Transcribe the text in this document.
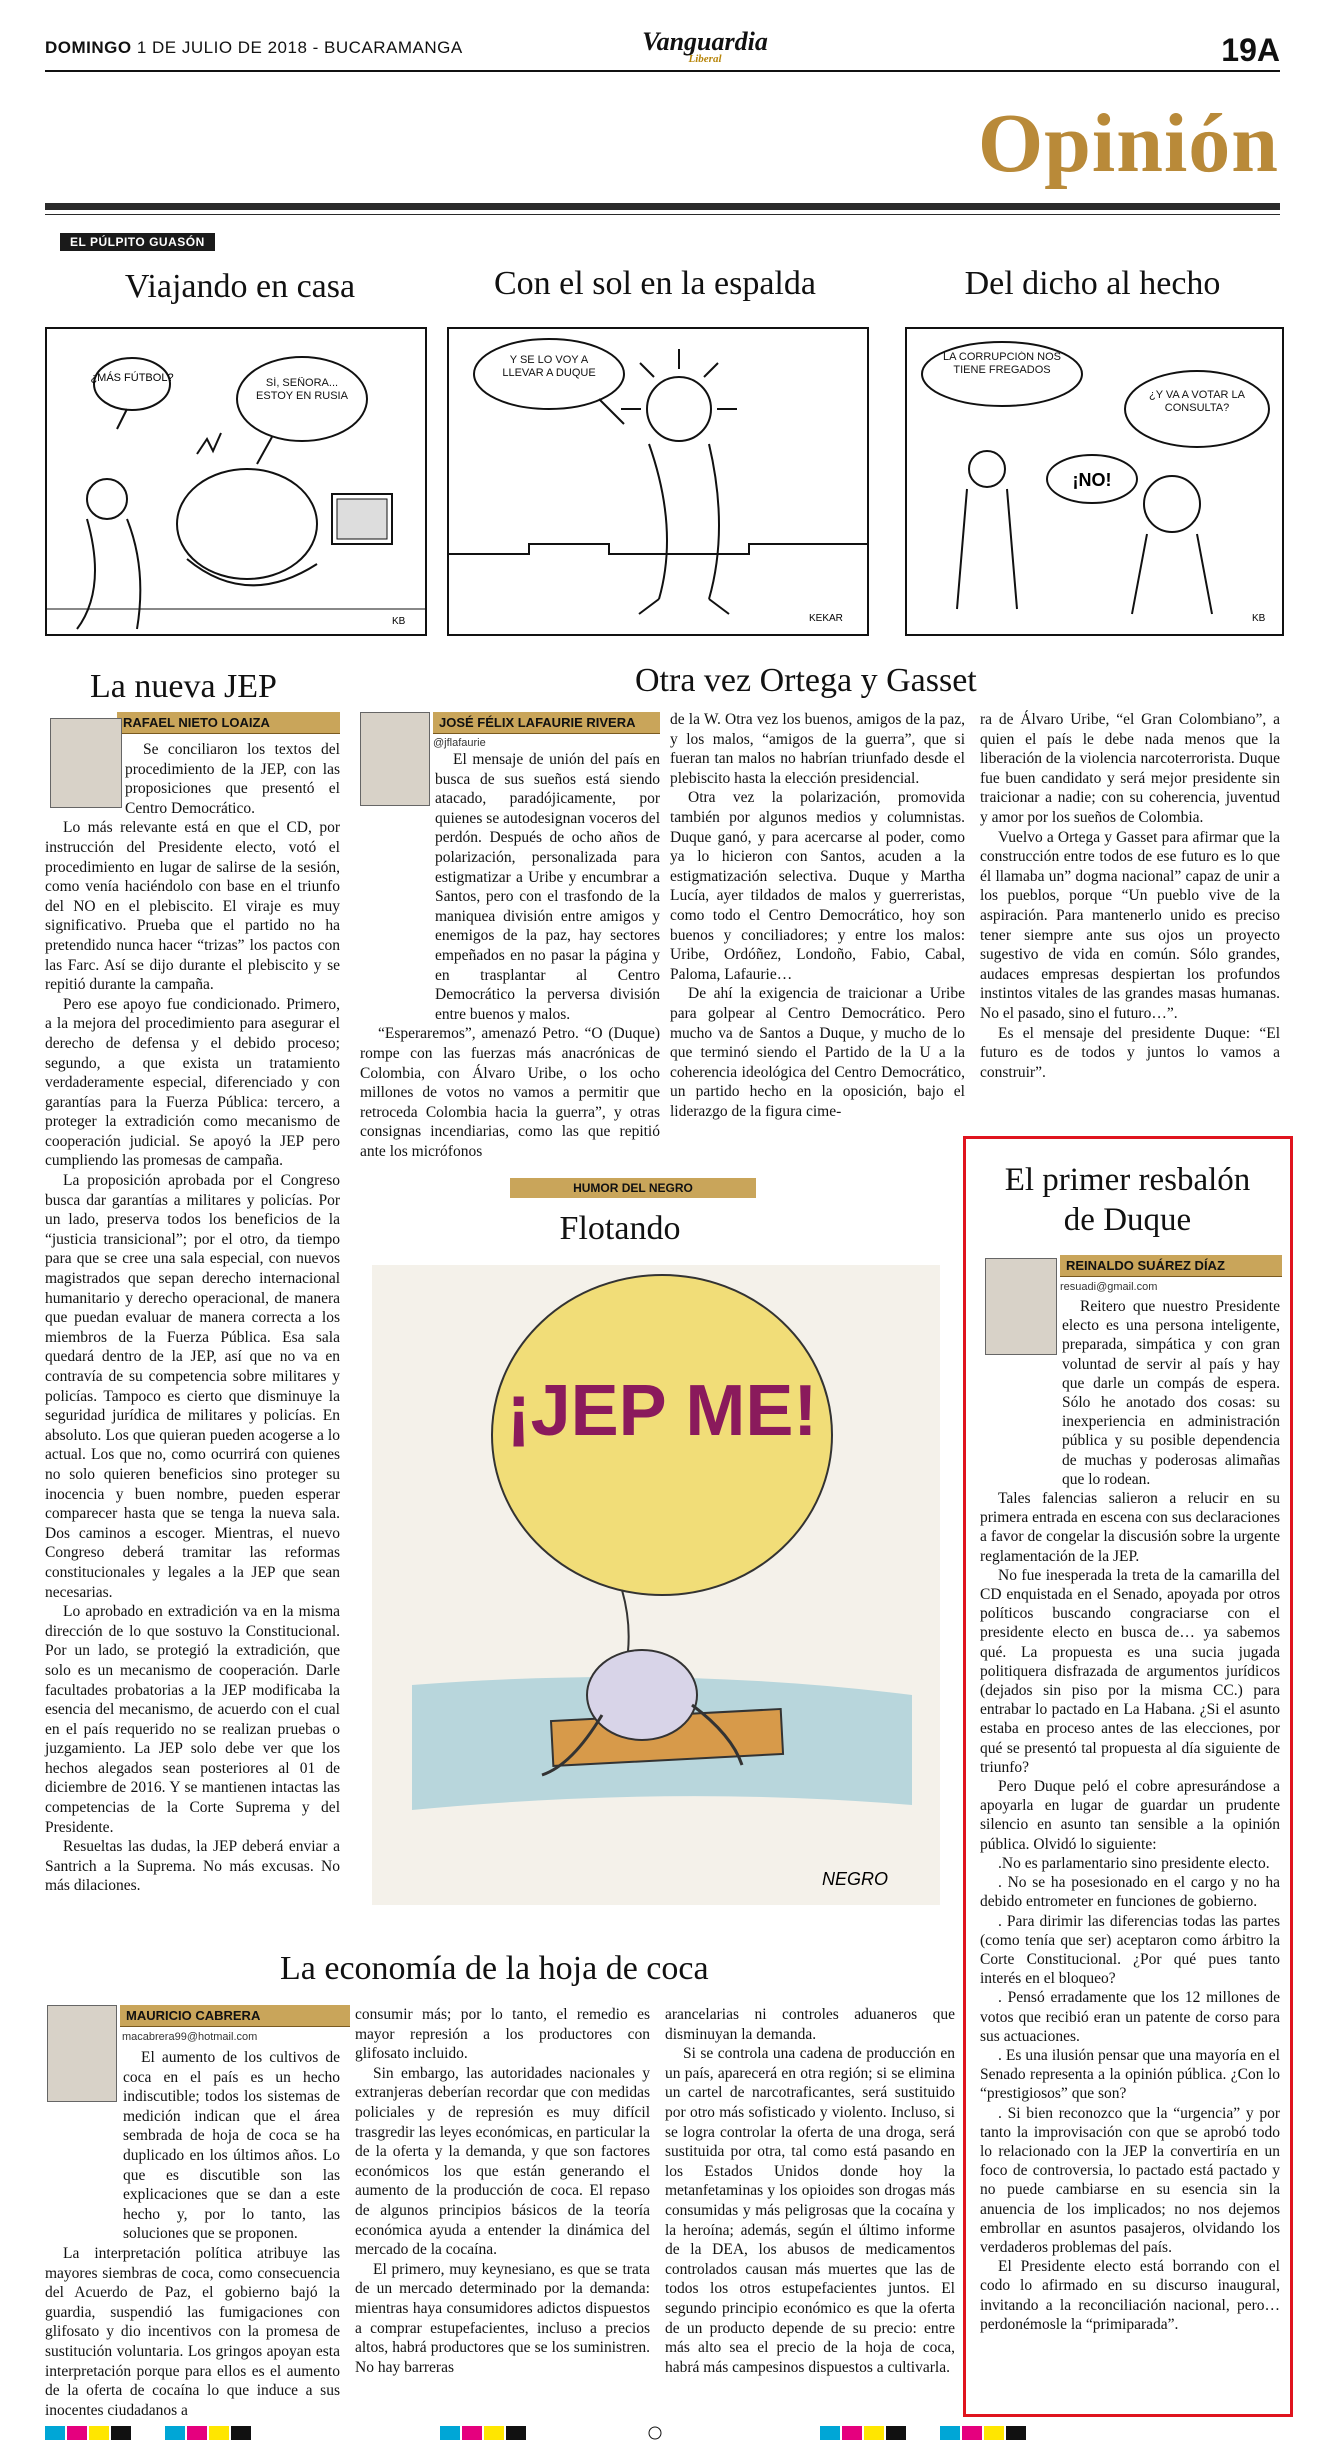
DOMINGO 1 DE JULIO DE 2018 - BUCARAMANGA	Vanguardia
Liberal	19A
Opinión
EL PÚLPITO GUASÓN
Viajando en casa	Con el sol en la espalda	Del dicho al hecho
¿MÁS FÚTBOL?	SÍ, SEÑORA... ESTOY EN RUSIA
KB
Y SE LO VOY A LLEVAR A DUQUE
KEKAR
LA CORRUPCIÓN NOS TIENE FREGADOS
¿Y VA A VOTAR LA CONSULTA?
¡NO!
KB
La nueva JEP
RAFAEL NIETO LOAIZA

Se conciliaron los textos del procedimiento de la JEP, con las proposiciones que presentó el Centro Democrático.

Lo más relevante está en que el CD, por instrucción del Presidente electo, votó el procedimiento en lugar de salirse de la sesión, como venía haciéndolo con base en el triunfo del NO en el plebiscito. El viraje es muy significativo. Prueba que el partido no ha pretendido nunca hacer “trizas” los pactos con las Farc. Así se dijo durante el plebiscito y se repitió durante la campaña.

Pero ese apoyo fue condicionado. Primero, a la mejora del procedimiento para asegurar el derecho de defensa y el debido proceso; segundo, a que exista un tratamiento verdaderamente especial, diferenciado y con garantías para la Fuerza Pública: tercero, a proteger la extradición como mecanismo de cooperación judicial. Se apoyó la JEP pero cumpliendo las promesas de campaña.

La proposición aprobada por el Congreso busca dar garantías a militares y policías. Por un lado, preserva todos los beneficios de la “justicia transicional”; por el otro, da tiempo para que se cree una sala especial, con nuevos magistrados que sepan derecho internacional humanitario y derecho operacional, de manera que puedan evaluar de manera correcta a los miembros de la Fuerza Pública. Esa sala quedará dentro de la JEP, así que no va en contravía de su competencia sobre militares y policías. Tampoco es cierto que disminuye la seguridad jurídica de militares y policías. En absoluto. Los que quieran pueden acogerse a lo actual. Los que no, como ocurrirá con quienes no solo quieren beneficios sino proteger su inocencia y buen nombre, pueden esperar comparecer hasta que se tenga la nueva sala. Dos caminos a escoger. Mientras, el nuevo Congreso deberá tramitar las reformas constitucionales y legales a la JEP que sean necesarias.

Lo aprobado en extradición va en la misma dirección de lo que sostuvo la Constitucional. Por un lado, se protegió la extradición, que solo es un mecanismo de cooperación. Darle facultades probatorias a la JEP modificaba la esencia del mecanismo, de acuerdo con el cual en el país requerido no se realizan pruebas o juzgamiento. La JEP solo debe ver que los hechos alegados sean posteriores al 01 de diciembre de 2016. Y se mantienen intactas las competencias de la Corte Suprema y del Presidente.

Resueltas las dudas, la JEP deberá enviar a Santrich a la Suprema. No más excusas. No más dilaciones.

Otra vez Ortega y Gasset
JOSÉ FÉLIX LAFAURIE RIVERA
@jflafaurie

El mensaje de unión del país en busca de sus sueños está siendo atacado, paradójicamente, por quienes se autodesignan voceros del perdón. Después de ocho años de polarización, personalizada para estigmatizar a Uribe y encumbrar a Santos, pero con el trasfondo de la maniquea división entre amigos y enemigos de la paz, hay sectores empeñados en no pasar la página y en trasplantar al Centro Democrático la perversa división entre buenos y malos.

“Esperaremos”, amenazó Petro. “O (Duque) rompe con las fuerzas más anacrónicas de Colombia, con Álvaro Uribe, o los ocho millones de votos no vamos a permitir que retroceda Colombia hacia la guerra”, y otras consignas incendiarias, como las que repitió ante los micrófonos

de la W. Otra vez los buenos, amigos de la paz, y los malos, “amigos de la guerra”, que si fueran tan malos no habrían triunfado desde el plebiscito hasta la elección presidencial.

Otra vez la polarización, promovida también por algunos medios y columnistas. Duque ganó, y para acercarse al poder, como ya lo hicieron con Santos, acuden a la estigmatización selectiva. Duque y Martha Lucía, ayer tildados de malos y guerreristas, como todo el Centro Democrático, hoy son buenos y conciliadores; y entre los malos: Uribe, Ordóñez, Londoño, Fabio, Cabal, Paloma, Lafaurie…

De ahí la exigencia de traicionar a Uribe para golpear al Centro Democrático. Pero mucho va de Santos a Duque, y mucho de lo que terminó siendo el Partido de la U a la coherencia ideológica del Centro Democrático, un partido hecho en la oposición, bajo el liderazgo de la figura cime-

ra de Álvaro Uribe, “el Gran Colombiano”, a quien el país le debe nada menos que la liberación de la violencia narcoterrorista. Duque fue buen candidato y será mejor presidente sin traicionar a nadie; con su coherencia, juventud y amor por los sueños de Colombia.

Vuelvo a Ortega y Gasset para afirmar que la construcción entre todos de ese futuro es lo que él llamaba un” dogma nacional” capaz de unir a los pueblos, porque “Un pueblo vive de la aspiración. Para mantenerlo unido es preciso tener siempre ante sus ojos un proyecto sugestivo de vida en común. Sólo grandes, audaces empresas despiertan los profundos instintos vitales de las grandes masas humanas. No el pasado, sino el futuro…”.

Es el mensaje del presidente Duque: “El futuro es de todos y juntos lo vamos a construir”.

HUMOR DEL NEGRO
Flotando
¡JEP ME!
NEGRO
El primer resbalón
de Duque
REINALDO SUÁREZ DÍAZ
resuadi@gmail.com

Reitero que nuestro Presidente electo es una persona inteligente, preparada, simpática y con gran voluntad de servir al país y hay que darle un compás de espera. Sólo he anotado dos cosas: su inexperiencia en administración pública y su posible dependencia de muchas y poderosas alimañas que lo rodean.

Tales falencias salieron a relucir en su primera entrada en escena con sus declaraciones a favor de congelar la discusión sobre la urgente reglamentación de la JEP.

No fue inesperada la treta de la camarilla del CD enquistada en el Senado, apoyada por otros políticos buscando congraciarse con el presidente electo en busca de… ya sabemos qué. La propuesta es una sucia jugada politiquera disfrazada de argumentos jurídicos (dejados sin piso por la misma CC.) para entrabar lo pactado en La Habana. ¿Si el asunto estaba en proceso antes de las elecciones, por qué se presentó tal propuesta al día siguiente de triunfo?

Pero Duque peló el cobre apresurándose a apoyarla en lugar de guardar un prudente silencio en asunto tan sensible a la opinión pública. Olvidó lo siguiente:

.No es parlamentario sino presidente electo.

. No se ha posesionado en el cargo y no ha debido entrometer en funciones de gobierno.

. Para dirimir las diferencias todas las partes (como tenía que ser) aceptaron como árbitro la Corte Constitucional. ¿Por qué pues tanto interés en el bloqueo?

. Pensó erradamente que los 12 millones de votos que recibió eran un patente de corso para sus actuaciones.

. Es una ilusión pensar que una mayoría en el Senado representa a la opinión pública. ¿Con lo “prestigiosos” que son?

. Si bien reconozco que la “urgencia” y por tanto la improvisación con que se aprobó todo lo relacionado con la JEP la convertiría en un foco de controversia, lo pactado está pactado y no puede cambiarse en su esencia sin la anuencia de los implicados; no nos dejemos embrollar en asuntos pasajeros, olvidando los verdaderos problemas del país.

El Presidente electo está borrando con el codo lo afirmado en su discurso inaugural, invitando a la reconciliación nacional, pero… perdonémosle la “primiparada”.

La economía de la hoja de coca
MAURICIO CABRERA
macabrera99@hotmail.com

El aumento de los cultivos de coca en el país es un hecho indiscutible; todos los sistemas de medición indican que el área sembrada de hoja de coca se ha duplicado en los últimos años. Lo que es discutible son las explicaciones que se dan a este hecho y, por lo tanto, las soluciones que se proponen.

La interpretación política atribuye las mayores siembras de coca, como consecuencia del Acuerdo de Paz, el gobierno bajó la guardia, suspendió las fumigaciones con glifosato y dio incentivos con la promesa de sustitución voluntaria. Los gringos apoyan esta interpretación porque para ellos es el aumento de la oferta de cocaína lo que induce a sus inocentes ciudadanos a

consumir más; por lo tanto, el remedio es mayor represión a los productores con glifosato incluido.

Sin embargo, las autoridades nacionales y extranjeras deberían recordar que con medidas policiales y de represión es muy difícil trasgredir las leyes económicas, en particular la de la oferta y la demanda, y que son factores económicos los que están generando el aumento de la producción de coca. El repaso de algunos principios básicos de la teoría económica ayuda a entender la dinámica del mercado de la cocaína.

El primero, muy keynesiano, es que se trata de un mercado determinado por la demanda: mientras haya consumidores adictos dispuestos a comprar estupefacientes, incluso a precios altos, habrá productores que se los suministren. No hay barreras

arancelarias ni controles aduaneros que disminuyan la demanda.

Si se controla una cadena de producción en un país, aparecerá en otra región; si se elimina un cartel de narcotraficantes, será sustituido por otro más sofisticado y violento. Incluso, si se logra controlar la oferta de una droga, será sustituida por otra, tal como está pasando en los Estados Unidos donde hoy la metanfetaminas y los opioides son drogas más consumidas y más peligrosas que la cocaína y la heroína; además, según el último informe de la DEA, los abusos de medicamentos controlados causan más muertes que las de todos los otros estupefacientes juntos. El segundo principio económico es que la oferta de un producto depende de su precio: entre más alto sea el precio de la hoja de coca, habrá más campesinos dispuestos a cultivarla.
